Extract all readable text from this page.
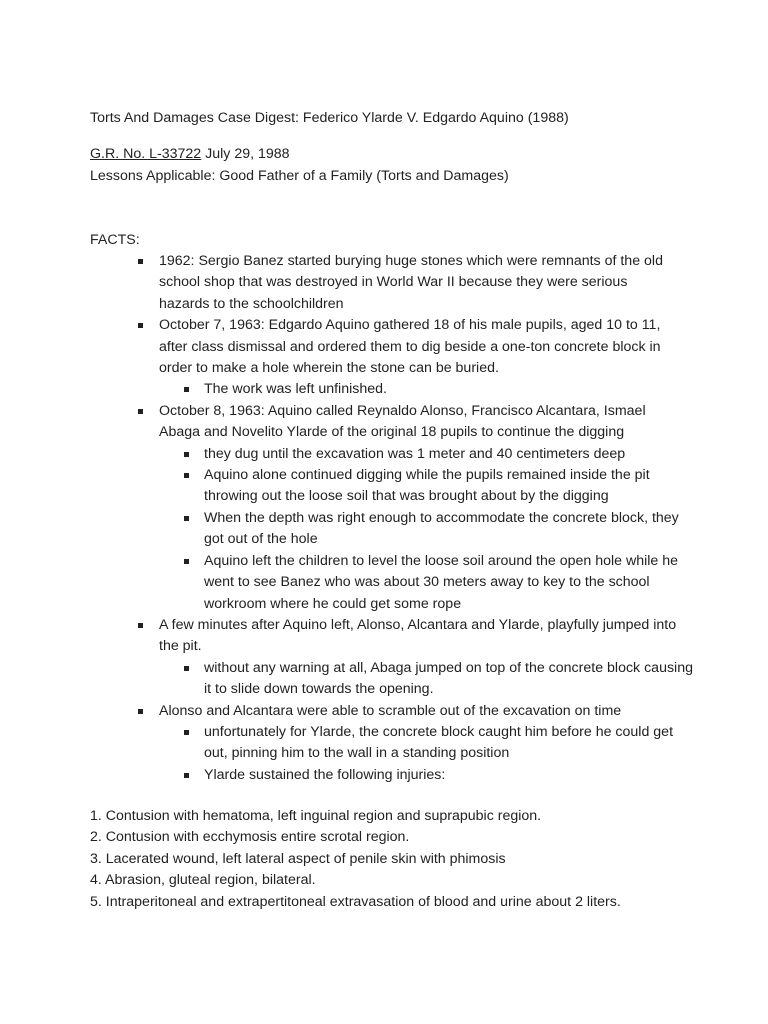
Torts And Damages Case Digest: Federico Ylarde V. Edgardo Aquino (1988)
G.R. No. L-33722 July 29, 1988
Lessons Applicable: Good Father of a Family (Torts and Damages)
FACTS:
1962: Sergio Banez started burying huge stones which were remnants of the old school shop that was destroyed in World War II because they were serious hazards to the schoolchildren
October 7, 1963: Edgardo Aquino gathered 18 of his male pupils, aged 10 to 11, after class dismissal and ordered them to dig beside a one-ton concrete block in order to make a hole wherein the stone can be buried.
The work was left unfinished.
October 8, 1963: Aquino called Reynaldo Alonso, Francisco Alcantara, Ismael Abaga and Novelito Ylarde of the original 18 pupils to continue the digging
they dug until the excavation was 1 meter and 40 centimeters deep
Aquino alone continued digging while the pupils remained inside the pit throwing out the loose soil that was brought about by the digging
When the depth was right enough to accommodate the concrete block, they got out of the hole
Aquino left the children to level the loose soil around the open hole while he went to see Banez who was about 30 meters away to key to the school workroom where he could get some rope
A few minutes after Aquino left, Alonso, Alcantara and Ylarde, playfully jumped into the pit.
without any warning at all, Abaga jumped on top of the concrete block causing it to slide down towards the opening.
Alonso and Alcantara were able to scramble out of the excavation on time
unfortunately for Ylarde, the concrete block caught him before he could get out, pinning him to the wall in a standing position
Ylarde sustained the following injuries:
1. Contusion with hematoma, left inguinal region and suprapubic region.
2. Contusion with ecchymosis entire scrotal region.
3. Lacerated wound, left lateral aspect of penile skin with phimosis
4. Abrasion, gluteal region, bilateral.
5. Intraperitoneal and extrapertitoneal extravasation of blood and urine about 2 liters.
